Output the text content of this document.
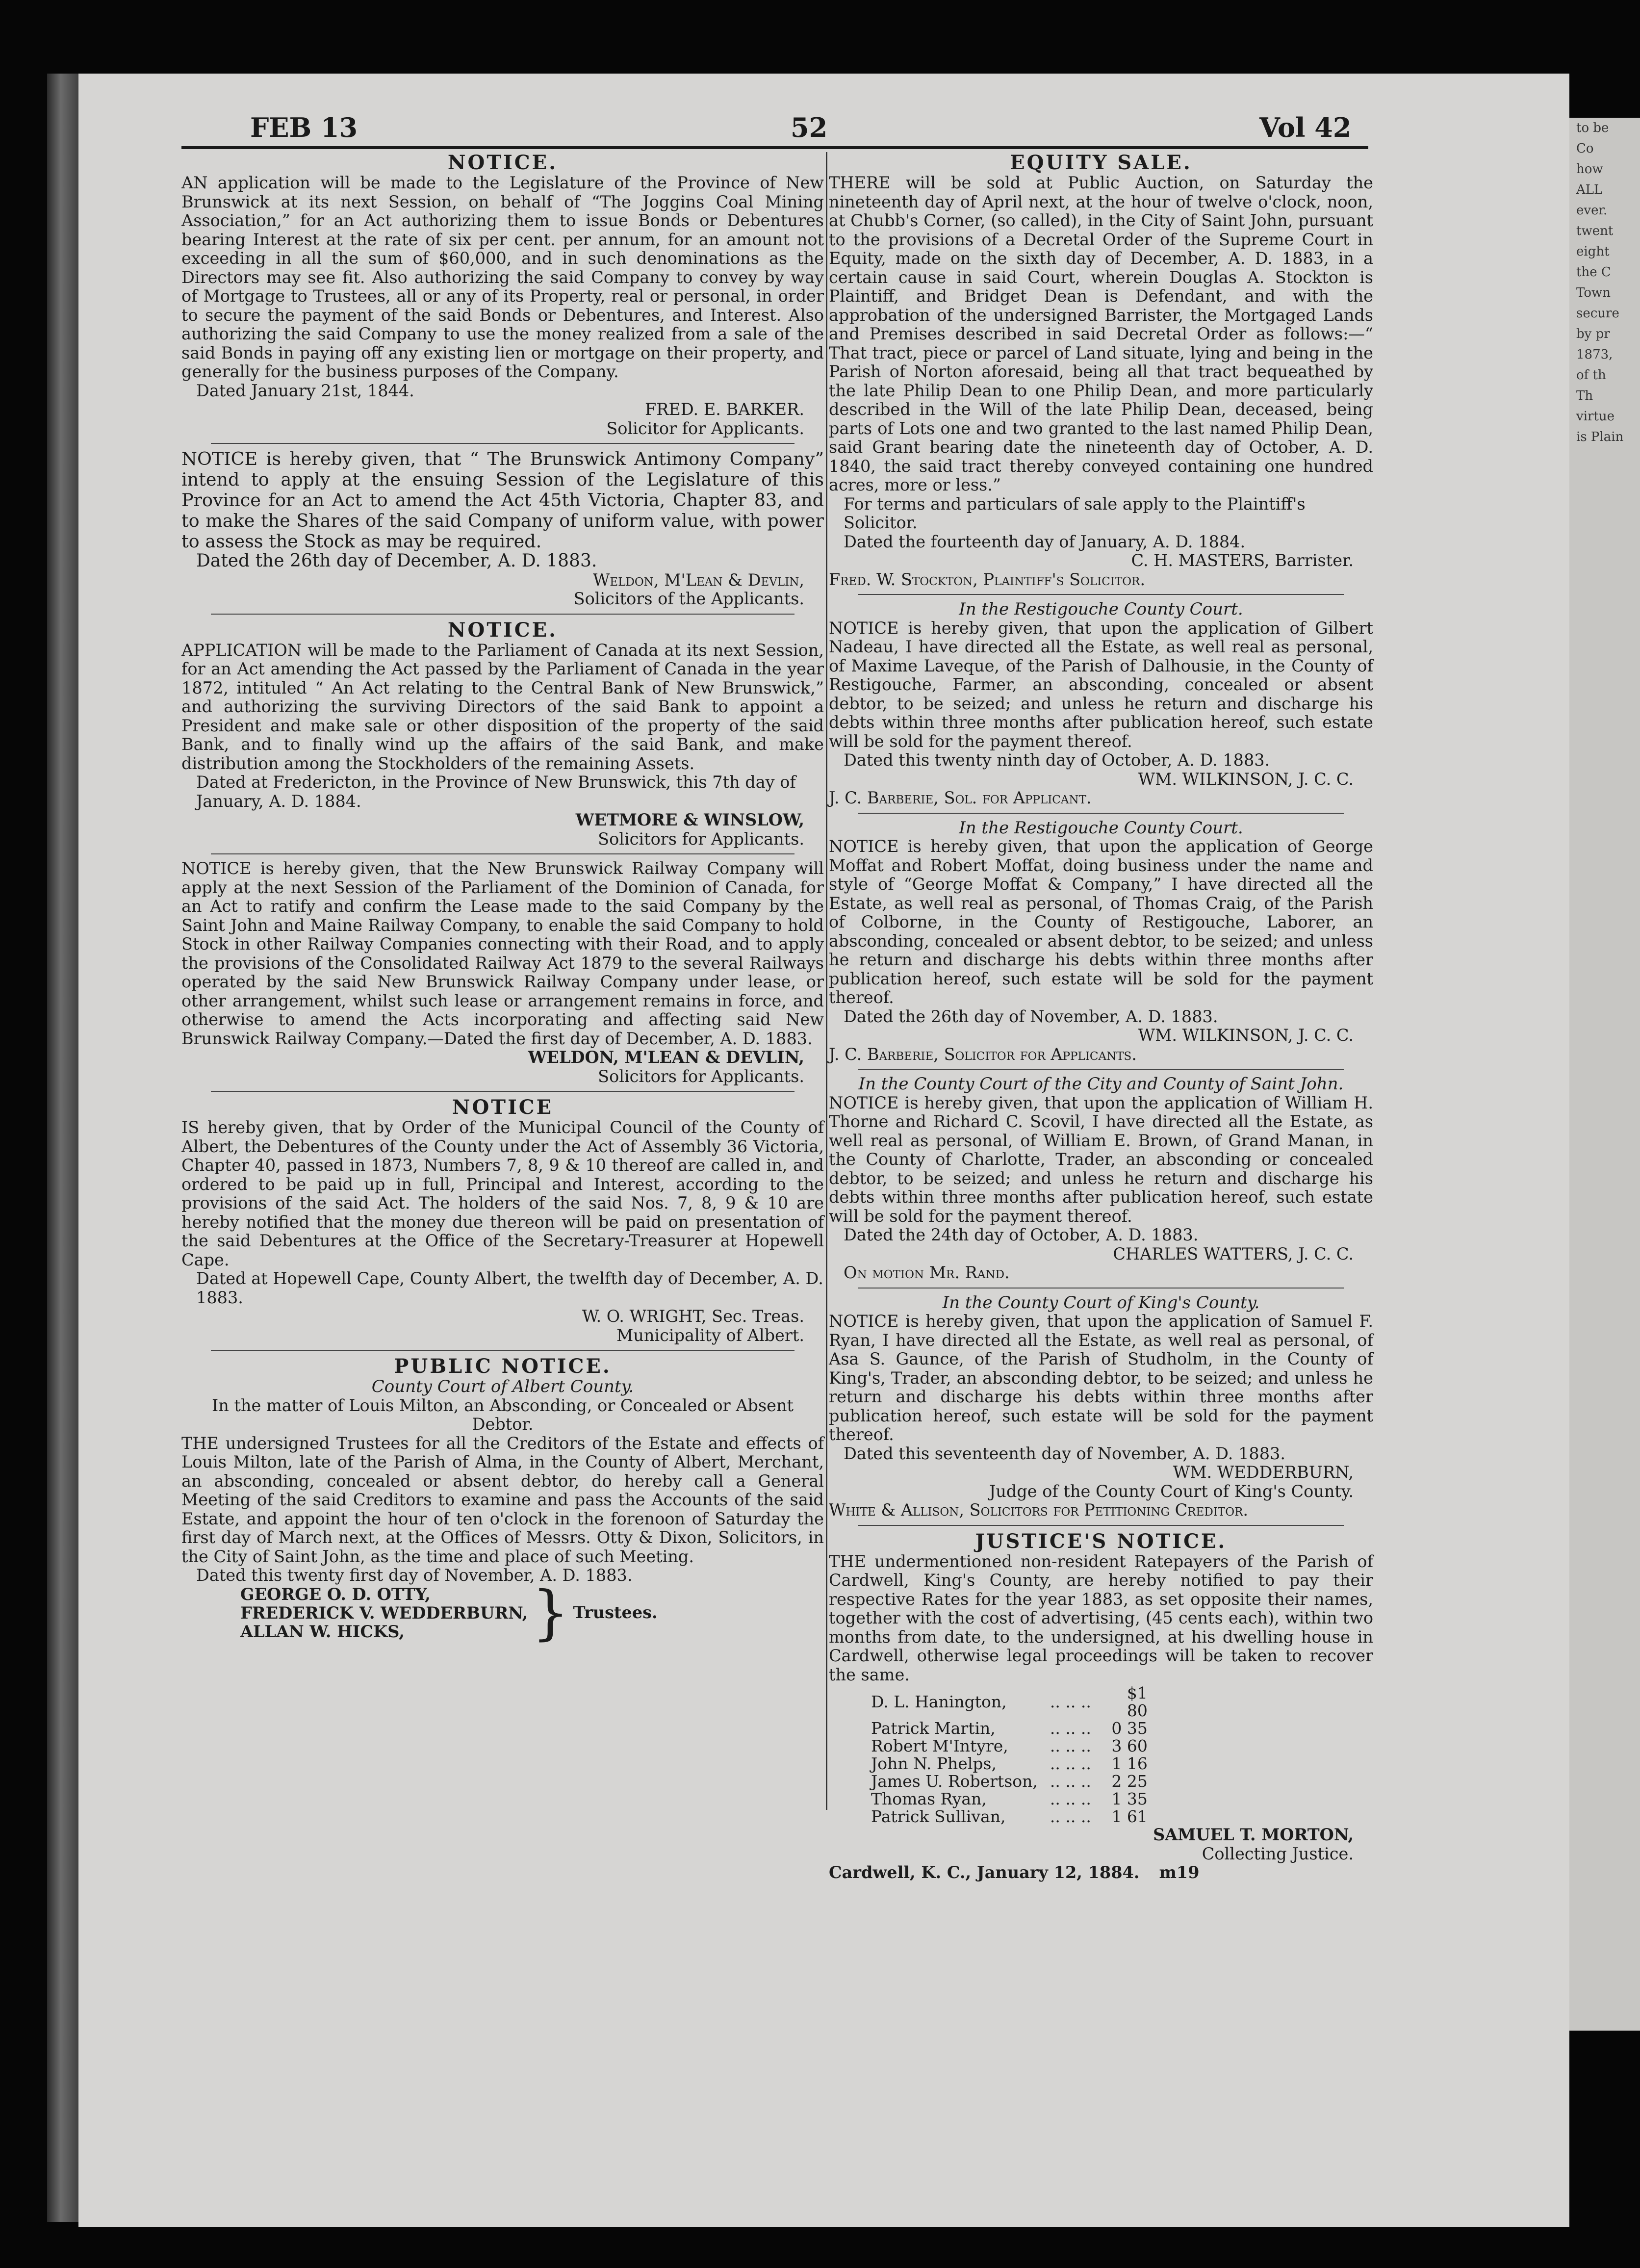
to be
Co
how
ALL
ever.
twent
eight
the C
Town
secure
by pr
1873,
of th
Th
virtue
is Plain
FEB 13	52	Vol 42
NOTICE.
AN application will be made to the Legislature of the Province of New Brunswick at its next Session, on behalf of “The Joggins Coal Mining Association,” for an Act authorizing them to issue Bonds or Debentures bearing Interest at the rate of six per cent. per annum, for an amount not exceeding in all the sum of $60,000, and in such denominations as the Directors may see fit. Also authorizing the said Company to convey by way of Mortgage to Trustees, all or any of its Property, real or personal, in order to secure the payment of the said Bonds or Debentures, and Interest. Also authorizing the said Company to use the money realized from a sale of the said Bonds in paying off any existing lien or mortgage on their property, and generally for the business purposes of the Company.
Dated January 21st, 1844.
FRED. E. BARKER.
Solicitor for Applicants.
NOTICE is hereby given, that “ The Brunswick Antimony Company” intend to apply at the ensuing Session of the Legislature of this Province for an Act to amend the Act 45th Victoria, Chapter 83, and to make the Shares of the said Company of uniform value, with power to assess the Stock as may be required.
Dated the 26th day of December, A. D. 1883.
Weldon, M'Lean & Devlin,
Solicitors of the Applicants.
NOTICE.
APPLICATION will be made to the Parliament of Canada at its next Session, for an Act amending the Act passed by the Parliament of Canada in the year 1872, intituled “ An Act relating to the Central Bank of New Brunswick,” and authorizing the surviving Directors of the said Bank to appoint a President and make sale or other disposition of the property of the said Bank, and to finally wind up the affairs of the said Bank, and make distribution among the Stockholders of the remaining Assets.
Dated at Fredericton, in the Province of New Brunswick, this 7th day of January, A. D. 1884.
WETMORE & WINSLOW,
Solicitors for Applicants.
NOTICE is hereby given, that the New Brunswick Railway Company will apply at the next Session of the Parliament of the Dominion of Canada, for an Act to ratify and confirm the Lease made to the said Company by the Saint John and Maine Railway Company, to enable the said Company to hold Stock in other Railway Companies connecting with their Road, and to apply the provisions of the Consolidated Railway Act 1879 to the several Railways operated by the said New Brunswick Railway Company under lease, or other arrangement, whilst such lease or arrangement remains in force, and otherwise to amend the Acts incorporating and affecting said New Brunswick Railway Company.—Dated the first day of December, A. D. 1883.
WELDON, M'LEAN & DEVLIN,
Solicitors for Applicants.
NOTICE
IS hereby given, that by Order of the Municipal Council of the County of Albert, the Debentures of the County under the Act of Assembly 36 Victoria, Chapter 40, passed in 1873, Numbers 7, 8, 9 & 10 thereof are called in, and ordered to be paid up in full, Principal and Interest, according to the provisions of the said Act. The holders of the said Nos. 7, 8, 9 & 10 are hereby notified that the money due thereon will be paid on presentation of the said Debentures at the Office of the Secretary-Treasurer at Hopewell Cape.
Dated at Hopewell Cape, County Albert, the twelfth day of December, A. D. 1883.
W. O. WRIGHT, Sec. Treas.
Municipality of Albert.
PUBLIC NOTICE.
County Court of Albert County.
In the matter of Louis Milton, an Absconding, or Concealed or Absent Debtor.
THE undersigned Trustees for all the Creditors of the Estate and effects of Louis Milton, late of the Parish of Alma, in the County of Albert, Merchant, an absconding, concealed or absent debtor, do hereby call a General Meeting of the said Creditors to examine and pass the Accounts of the said Estate, and appoint the hour of ten o'clock in the forenoon of Saturday the first day of March next, at the Offices of Messrs. Otty & Dixon, Solicitors, in the City of Saint John, as the time and place of such Meeting.
Dated this twenty first day of November, A. D. 1883.
GEORGE O. D. OTTY,
FREDERICK V. WEDDERBURN,
ALLAN W. HICKS,	} Trustees.
EQUITY SALE.
THERE will be sold at Public Auction, on Saturday the nineteenth day of April next, at the hour of twelve o'clock, noon, at Chubb's Corner, (so called), in the City of Saint John, pursuant to the provisions of a Decretal Order of the Supreme Court in Equity, made on the sixth day of December, A. D. 1883, in a certain cause in said Court, wherein Douglas A. Stockton is Plaintiff, and Bridget Dean is Defendant, and with the approbation of the undersigned Barrister, the Mortgaged Lands and Premises described in said Decretal Order as follows:—“ That tract, piece or parcel of Land situate, lying and being in the Parish of Norton aforesaid, being all that tract bequeathed by the late Philip Dean to one Philip Dean, and more particularly described in the Will of the late Philip Dean, deceased, being parts of Lots one and two granted to the last named Philip Dean, said Grant bearing date the nineteenth day of October, A. D. 1840, the said tract thereby conveyed containing one hundred acres, more or less.”
For terms and particulars of sale apply to the Plaintiff's Solicitor.
Dated the fourteenth day of January, A. D. 1884.
C. H. MASTERS, Barrister.
Fred. W. Stockton, Plaintiff's Solicitor.
In the Restigouche County Court.
NOTICE is hereby given, that upon the application of Gilbert Nadeau, I have directed all the Estate, as well real as personal, of Maxime Laveque, of the Parish of Dalhousie, in the County of Restigouche, Farmer, an absconding, concealed or absent debtor, to be seized; and unless he return and discharge his debts within three months after publication hereof, such estate will be sold for the payment thereof.
Dated this twenty ninth day of October, A. D. 1883.
WM. WILKINSON, J. C. C.
J. C. Barberie, Sol. for Applicant.
In the Restigouche County Court.
NOTICE is hereby given, that upon the application of George Moffat and Robert Moffat, doing business under the name and style of “George Moffat & Company,” I have directed all the Estate, as well real as personal, of Thomas Craig, of the Parish of Colborne, in the County of Restigouche, Laborer, an absconding, concealed or absent debtor, to be seized; and unless he return and discharge his debts within three months after publication hereof, such estate will be sold for the payment thereof.
Dated the 26th day of November, A. D. 1883.
WM. WILKINSON, J. C. C.
J. C. Barberie, Solicitor for Applicants.
In the County Court of the City and County of Saint John.
NOTICE is hereby given, that upon the application of William H. Thorne and Richard C. Scovil, I have directed all the Estate, as well real as personal, of William E. Brown, of Grand Manan, in the County of Charlotte, Trader, an absconding or concealed debtor, to be seized; and unless he return and discharge his debts within three months after publication hereof, such estate will be sold for the payment thereof.
Dated the 24th day of October, A. D. 1883.
CHARLES WATTERS, J. C. C.
On motion Mr. Rand.
In the County Court of King's County.
NOTICE is hereby given, that upon the application of Samuel F. Ryan, I have directed all the Estate, as well real as personal, of Asa S. Gaunce, of the Parish of Studholm, in the County of King's, Trader, an absconding debtor, to be seized; and unless he return and discharge his debts within three months after publication hereof, such estate will be sold for the payment thereof.
Dated this seventeenth day of November, A. D. 1883.
WM. WEDDERBURN,
Judge of the County Court of King's County.
White & Allison, Solicitors for Petitioning Creditor.
JUSTICE'S NOTICE.
THE undermentioned non-resident Ratepayers of the Parish of Cardwell, King's County, are hereby notified to pay their respective Rates for the year 1883, as set opposite their names, together with the cost of advertising, (45 cents each), within two months from date, to the undersigned, at his dwelling house in Cardwell, otherwise legal proceedings will be taken to recover the same.
D. L. Hanington,	.. .. ..	$1 80
Patrick Martin,	.. .. ..	0 35
Robert M'Intyre,	.. .. ..	3 60
John N. Phelps,	.. .. ..	1 16
James U. Robertson,	.. .. ..	2 25
Thomas Ryan,	.. .. ..	1 35
Patrick Sullivan,	.. .. ..	1 61
SAMUEL T. MORTON,
Collecting Justice.
Cardwell, K. C., January 12, 1884. m19
